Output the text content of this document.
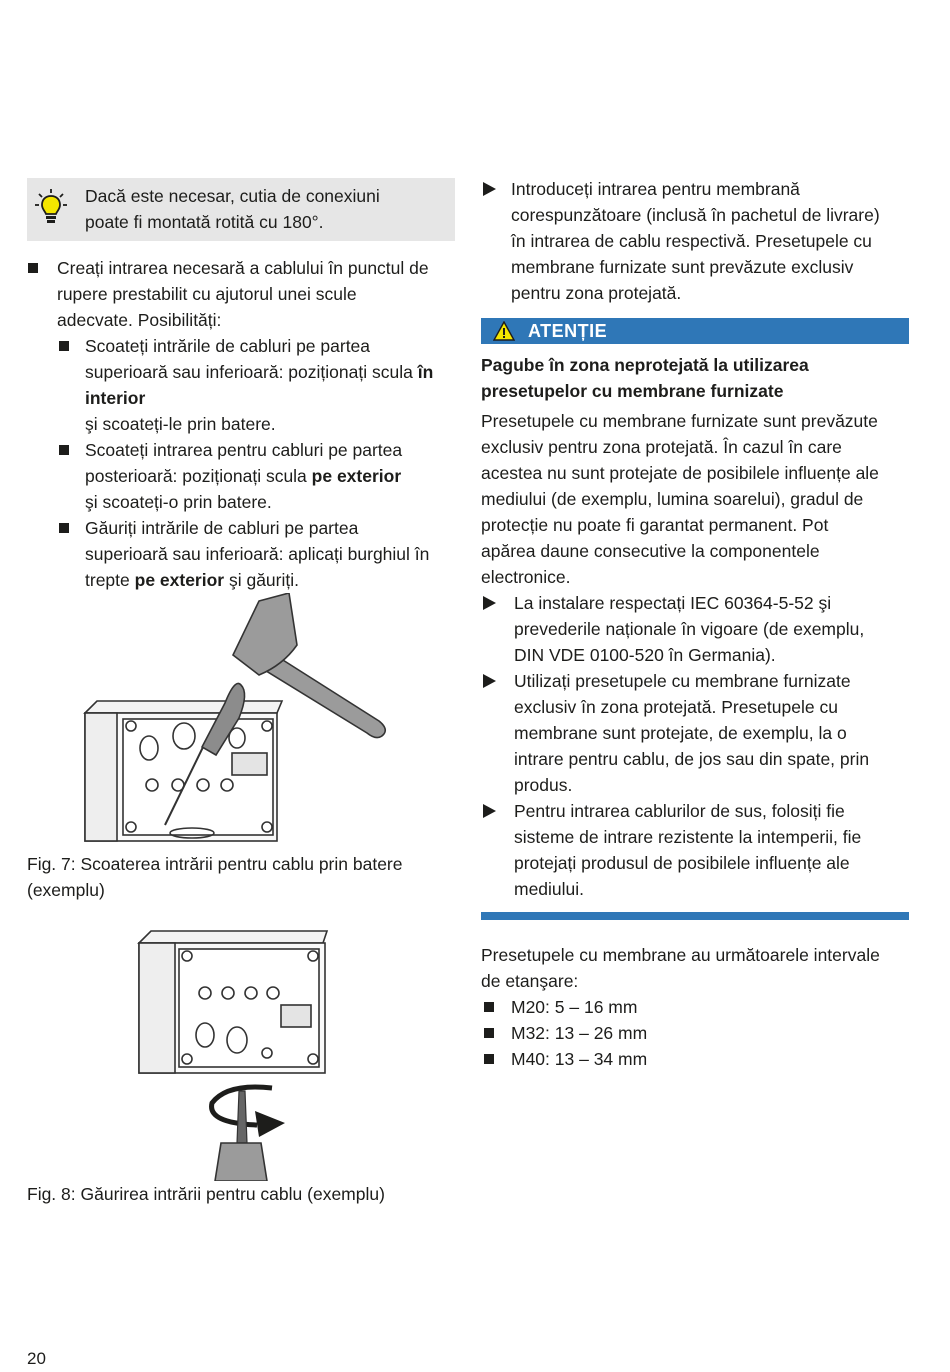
Dacă este necesar, cutia de conexiuni
poate fi montată rotită cu 180°.
Creați intrarea necesară a cablului în punctul de
rupere prestabilit cu ajutorul unei scule
adecvate. Posibilități:
Scoateți intrările de cabluri pe partea
superioară sau inferioară: poziționați scula în interior
şi scoateți-le prin batere.
Scoateți intrarea pentru cabluri pe partea
posterioară: poziționați scula pe exterior
şi scoateți-o prin batere.
Găuriți intrările de cabluri pe partea
superioară sau inferioară: aplicați burghiul în
trepte pe exterior şi găuriți.
Fig. 7: Scoaterea intrării pentru cablu prin batere
(exemplu)
Fig. 8: Găurirea intrării pentru cablu (exemplu)
Introduceți intrarea pentru membrană
corespunzătoare (inclusă în pachetul de livrare)
în intrarea de cablu respectivă. Presetupele cu
membrane furnizate sunt prevăzute exclusiv
pentru zona protejată.
ATENȚIE
Pagube în zona neprotejată la utilizarea
presetupelor cu membrane furnizate
Presetupele cu membrane furnizate sunt prevăzute
exclusiv pentru zona protejată. În cazul în care
acestea nu sunt protejate de posibilele influențe ale
mediului (de exemplu, lumina soarelui), gradul de
protecție nu poate fi garantat permanent. Pot
apărea daune consecutive la componentele
electronice.
La instalare respectați IEC 60364-5-52 şi
prevederile naționale în vigoare (de exemplu,
DIN VDE 0100-520 în Germania).
Utilizați presetupele cu membrane furnizate
exclusiv în zona protejată. Presetupele cu
membrane sunt protejate, de exemplu, la o
intrare pentru cablu, de jos sau din spate, prin
produs.
Pentru intrarea cablurilor de sus, folosiți fie
sisteme de intrare rezistente la intemperii, fie
protejați produsul de posibilele influențe ale
mediului.
Presetupele cu membrane au următoarele intervale
de etanşare:
M20: 5 – 16 mm
M32: 13 – 26 mm
M40: 13 – 34 mm
20
